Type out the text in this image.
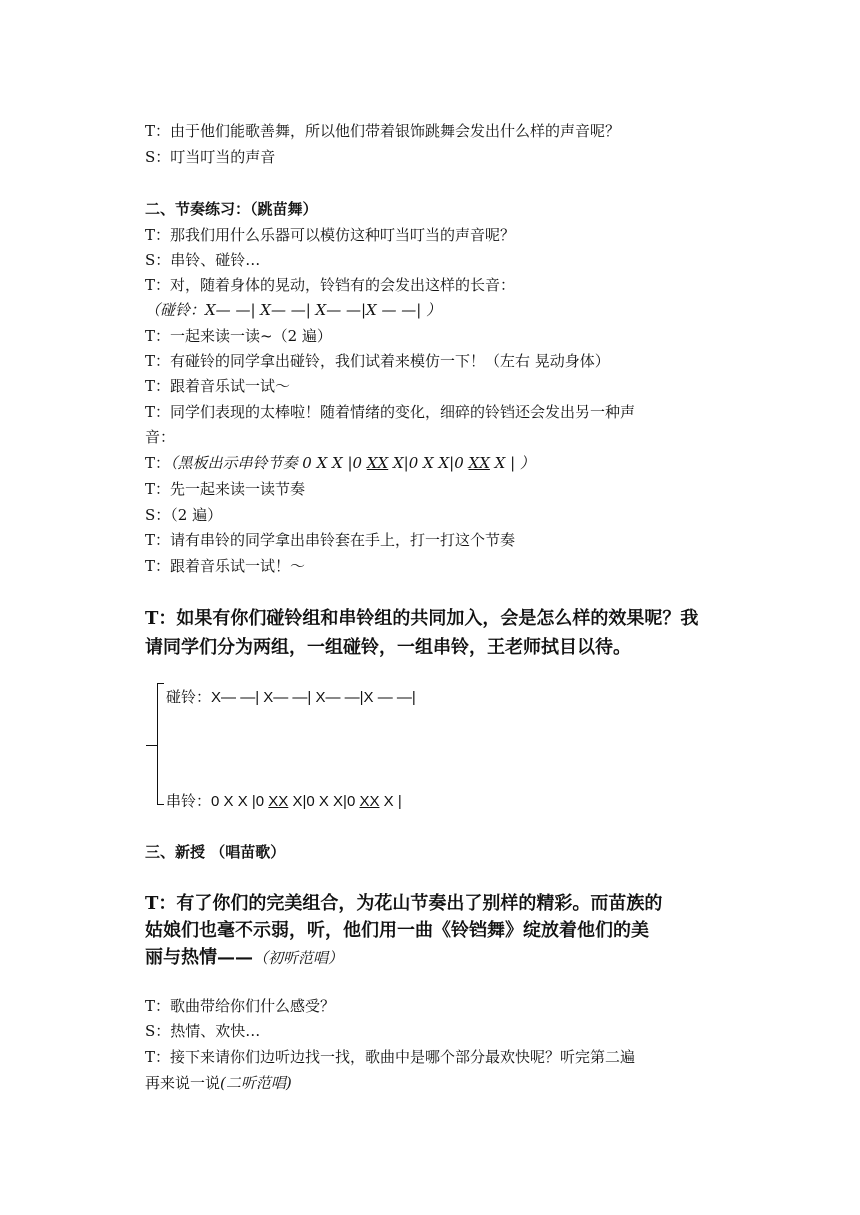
T：由于他们能歌善舞，所以他们带着银饰跳舞会发出什么样的声音呢？
S：叮当叮当的声音
二、节奏练习：（跳苗舞）
T：那我们用什么乐器可以模仿这种叮当叮当的声音呢？
S：串铃、碰铃…
T：对，随着身体的晃动，铃铛有的会发出这样的长音：
（碰铃：X— —| X— —| X— —|X — —| ）
T：一起来读一读~（2 遍）
T：有碰铃的同学拿出碰铃，我们试着来模仿一下！（左右 晃动身体）
T：跟着音乐试一试～
T：同学们表现的太棒啦！随着情绪的变化，细碎的铃铛还会发出另一种声
音：
T：（黑板出示串铃节奏 0 X X |0 XX X|0 X X|0 XX X | ）
T：先一起来读一读节奏
S：（2 遍）
T：请有串铃的同学拿出串铃套在手上，打一打这个节奏
T：跟着音乐试一试！～
T：如果有你们碰铃组和串铃组的共同加入，会是怎么样的效果呢？我
请同学们分为两组，一组碰铃，一组串铃，王老师拭目以待。
碰铃：X— —| X— —| X— —|X — —|
串铃：0 X X |0 XX X|0 X X|0 XX X |
三、新授 （唱苗歌）
T：有了你们的完美组合，为花山节奏出了别样的精彩。而苗族的
姑娘们也毫不示弱，听，他们用一曲《铃铛舞》绽放着他们的美
丽与热情——（初听范唱）
T：歌曲带给你们什么感受？
S：热情、欢快…
T：接下来请你们边听边找一找，歌曲中是哪个部分最欢快呢？听完第二遍
再来说一说(二听范唱)
